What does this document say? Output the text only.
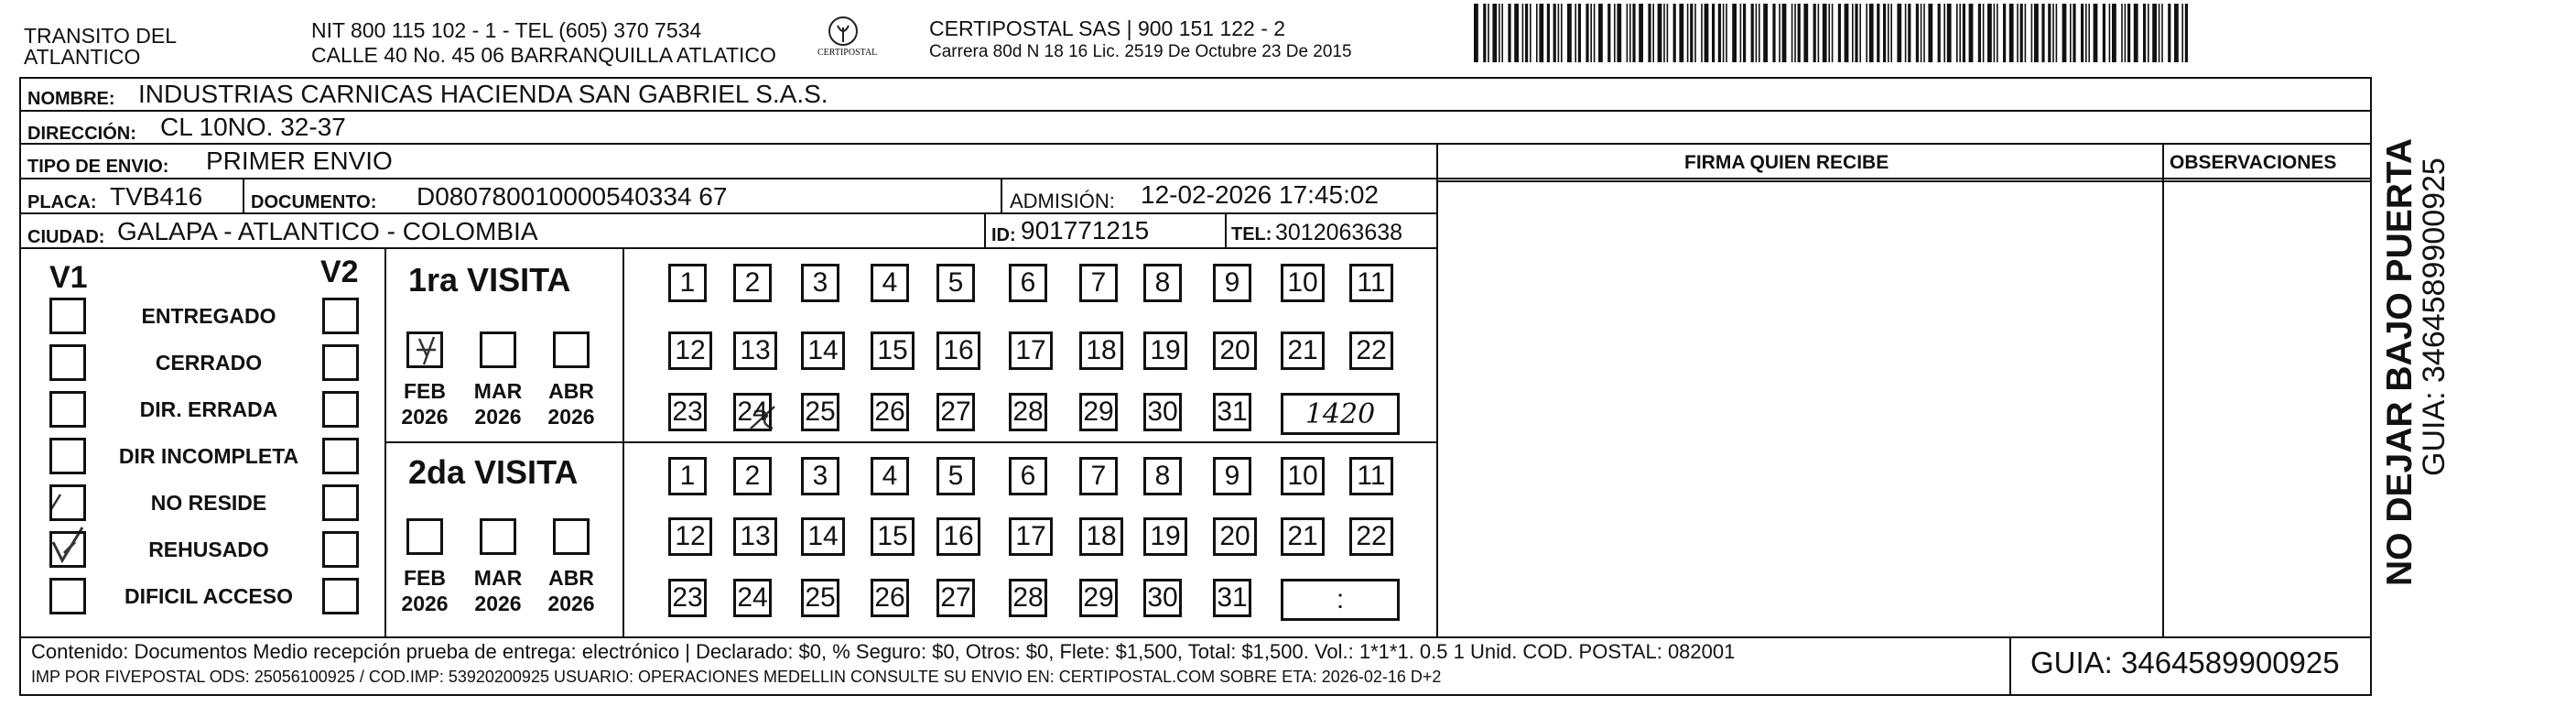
TRANSITO DEL
ATLANTICO
NIT 800 115 102 - 1 - TEL (605) 370 7534
CALLE 40 No. 45 06 BARRANQUILLA ATLATICO	CERTIPOSTAL
CERTIPOSTAL SAS | 900 151 122 - 2
Carrera 80d N 18 16 Lic. 2519 De Octubre 23 De 2015
NOMBRE: INDUSTRIAS CARNICAS HACIENDA SAN GABRIEL S.A.S.
DIRECCIÓN: CL 10NO. 32-37
TIPO DE ENVIO: PRIMER ENVIO	FIRMA QUIEN RECIBE	OBSERVACIONES
PLACA: TVB416	DOCUMENTO: D080780010000540334 67	ADMISIÓN: 12-02-2026 17:45:02
CIUDAD: GALAPA - ATLANTICO - COLOMBIA	ID: 901771215	TEL: 3012063638
V1	V2 1ra VISITA
2da VISITA
Contenido: Documentos Medio recepción prueba de entrega: electrónico | Declarado: $0, % Seguro: $0, Otros: $0, Flete: $1,500, Total: $1,500. Vol.: 1*1*1. 0.5 1 Unid. COD. POSTAL: 082001
IMP POR FIVEPOSTAL ODS: 25056100925 / COD.IMP: 53920200925 USUARIO: OPERACIONES MEDELLIN CONSULTE SU ENVIO EN: CERTIPOSTAL.COM SOBRE ETA: 2026-02-16 D+2	GUIA: 3464589900925
NO DEJAR BAJO PUERTA
GUIA: 3464589900925
ENTREGADO
CERRADO
DIR. ERRADA
DIR INCOMPLETA
NO RESIDE
REHUSADO
DIFICIL ACCESO
FEB
2026
MAR
2026
ABR
2026
FEB
2026
MAR
2026
ABR
2026
1	2	3	4	5	6	7	8	9	10 11
12 13 14 15 16 17 18 19 20 21 22
23 24 25 26 27 28 29 30 31	1420
1	2	3	4	5	6	7	8	9	10 11
12 13 14 15 16 17 18 19 20 21 22
23 24 25 26 27 28 29 30 31	:
